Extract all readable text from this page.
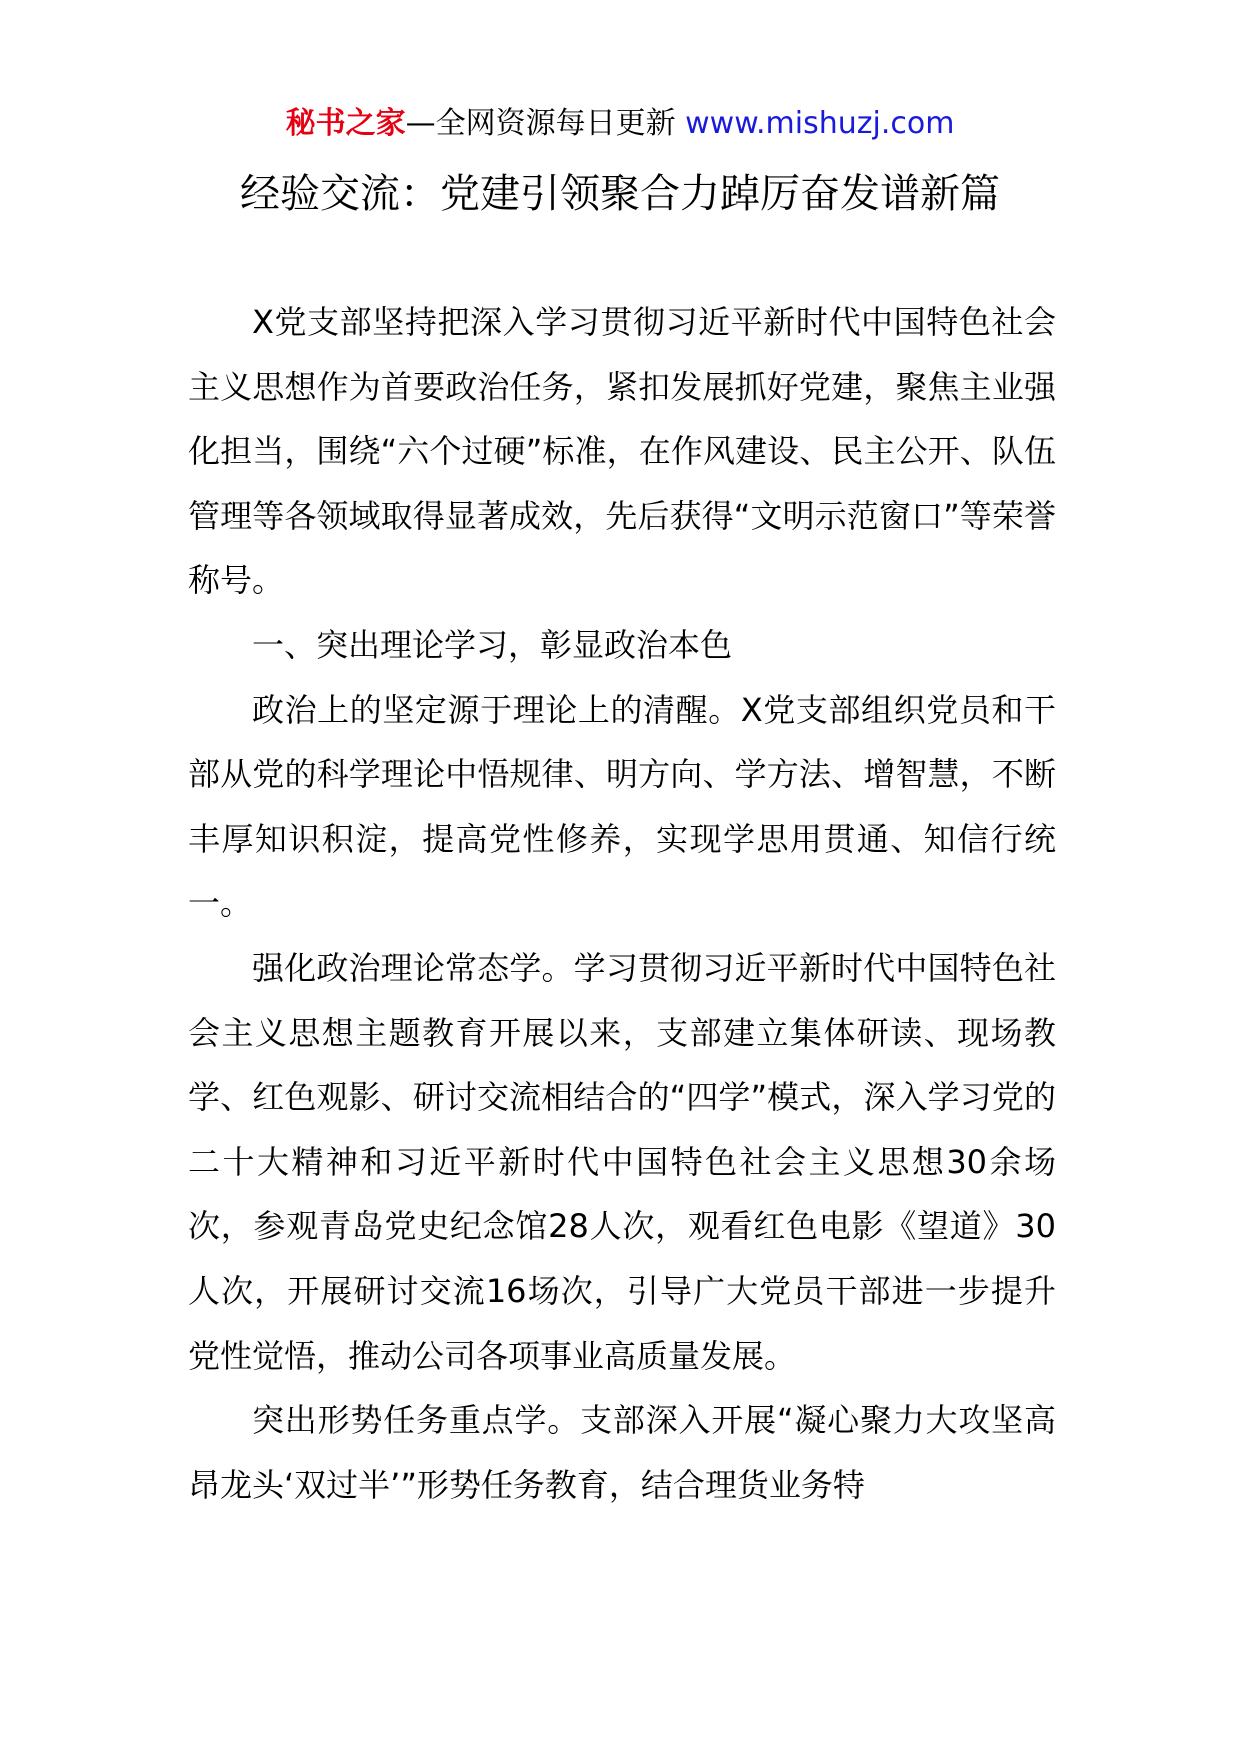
秘书之家—全网资源每日更新 www.mishuzj.com
经验交流：党建引领聚合力踔厉奋发谱新篇

X党支部坚持把深入学习贯彻习近平新时代中国特色社会主义思想作为首要政治任务，紧扣发展抓好党建，聚焦主业强化担当，围绕“六个过硬”标准，在作风建设、民主公开、队伍管理等各领域取得显著成效，先后获得“文明示范窗口”等荣誉称号。

一、突出理论学习，彰显政治本色

政治上的坚定源于理论上的清醒。X党支部组织党员和干部从党的科学理论中悟规律、明方向、学方法、增智慧，不断丰厚知识积淀，提高党性修养，实现学思用贯通、知信行统一。

强化政治理论常态学。学习贯彻习近平新时代中国特色社会主义思想主题教育开展以来，支部建立集体研读、现场教学、红色观影、研讨交流相结合的“四学”模式，深入学习党的二十大精神和习近平新时代中国特色社会主义思想30余场次，参观青岛党史纪念馆28人次，观看红色电影《望道》30人次，开展研讨交流16场次，引导广大党员干部进一步提升党性觉悟，推动公司各项事业高质量发展。

突出形势任务重点学。支部深入开展“凝心聚力大攻坚高昂龙头‘双过半’”形势任务教育，结合理货业务特
